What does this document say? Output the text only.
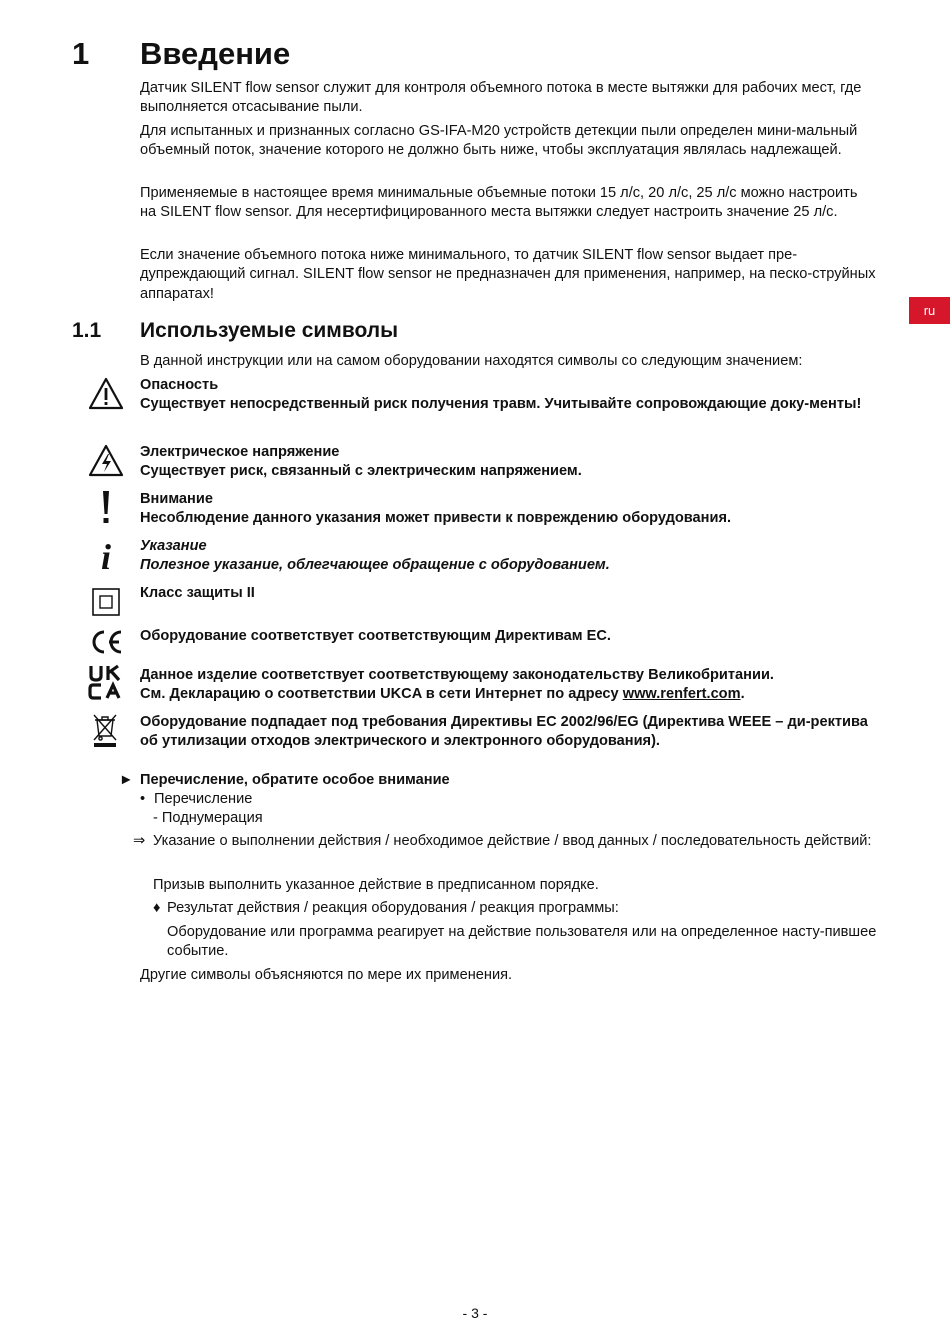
1	Введение

Датчик SILENT flow sensor служит для контроля объемного потока в месте вытяжки для рабочих мест, где выполняется отсасывание пыли.

Для испытанных и признанных согласно GS-IFA-M20 устройств детекции пыли определен мини-мальный объемный поток, значение которого не должно быть ниже, чтобы эксплуатация являлась надлежащей.

Применяемые в настоящее время минимальные объемные потоки 15 л/с, 20 л/с, 25 л/с можно настроить на SILENT flow sensor. Для несертифицированного места вытяжки следует настроить значение 25 л/с.

Если значение объемного потока ниже минимального, то датчик SILENT flow sensor выдает пре-дупреждающий сигнал. SILENT flow sensor не предназначен для применения, например, на песко-струйных аппаратах!

ru
1.1 Используемые символы

В данной инструкции или на самом оборудовании находятся символы со следующим значением:

Опасность
Существует непосредственный риск получения травм. Учитывайте сопровождающие доку-менты!
Электрическое напряжение
Существует риск, связанный с электрическим напряжением.
Внимание
Несоблюдение данного указания может привести к повреждению оборудования.
i Указание
Полезное указание, облегчающее обращение с оборудованием.
Класс защиты II
Оборудование соответствует соответствующим Директивам ЕС.
Данное изделие соответствует соответствующему законодательству Великобритании.
См. Декларацию о соответствии UKCA в сети Интернет по адресу www.renfert.com.
Оборудование подпадает под требования Директивы ЕС 2002/96/EG (Директива WEEE – ди-ректива об утилизации отходов электрического и электронного оборудования).
► Перечисление, обратите особое внимание
• Перечисление
- Поднумерация
⇒ Указание о выполнении действия / необходимое действие / ввод данных / последовательность действий:
Призыв выполнить указанное действие в предписанном порядке.
♦ Результат действия / реакция оборудования / реакция программы:
Оборудование или программа реагирует на действие пользователя или на определенное насту-пившее событие.
Другие символы объясняются по мере их применения.
- 3 -
